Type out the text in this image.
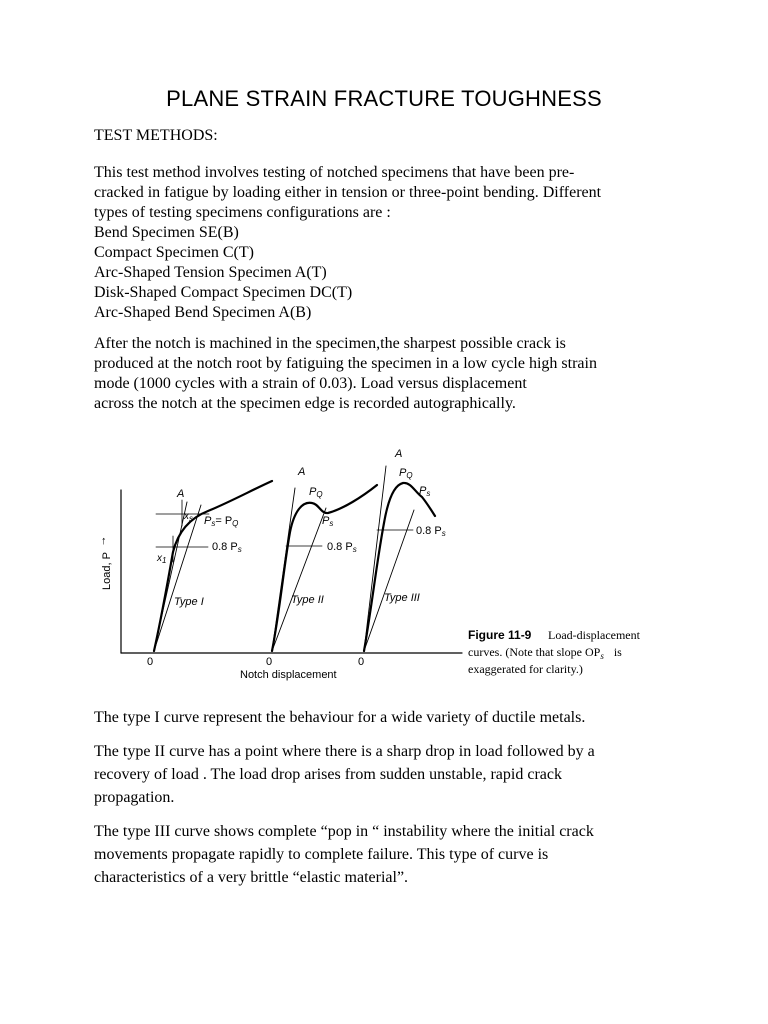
PLANE STRAIN FRACTURE TOUGHNESS
TEST METHODS:

This test method involves testing of notched specimens that have been pre-
cracked in fatigue by loading either in tension or three-point bending. Different
types of testing specimens configurations are :
Bend Specimen SE(B)
Compact Specimen C(T)
Arc-Shaped Tension Specimen A(T)
Disk-Shaped Compact Specimen DC(T)
Arc-Shaped Bend Specimen A(B)

After the notch is machined in the specimen,the sharpest possible crack is
produced at the notch root by fatiguing the specimen in a low cycle high strain
mode (1000 cycles with a strain of 0.03). Load versus displacement
across the notch at the specimen edge is recorded autographically.

Load, P
↑
0	0	0
Notch displacement
A
A
A
$x_s$
$x_1$
Ps= PQ
0.8 Ps
Type I
PQ
Ps
0.8 Ps
Type II
PQ
Ps
0.8 Ps
Type III
Figure 11-9 Load-displacement
curves. (Note that slope $OP_s$ is
exaggerated for clarity.)

The type I curve represent the behaviour for a wide variety of ductile metals.

The type II curve has a point where there is a sharp drop in load followed by a
recovery of load . The load drop arises from sudden unstable, rapid crack
propagation.

The type III curve shows complete “pop in “ instability where the initial crack
movements propagate rapidly to complete failure. This type of curve is
characteristics of a very brittle “elastic material”.
